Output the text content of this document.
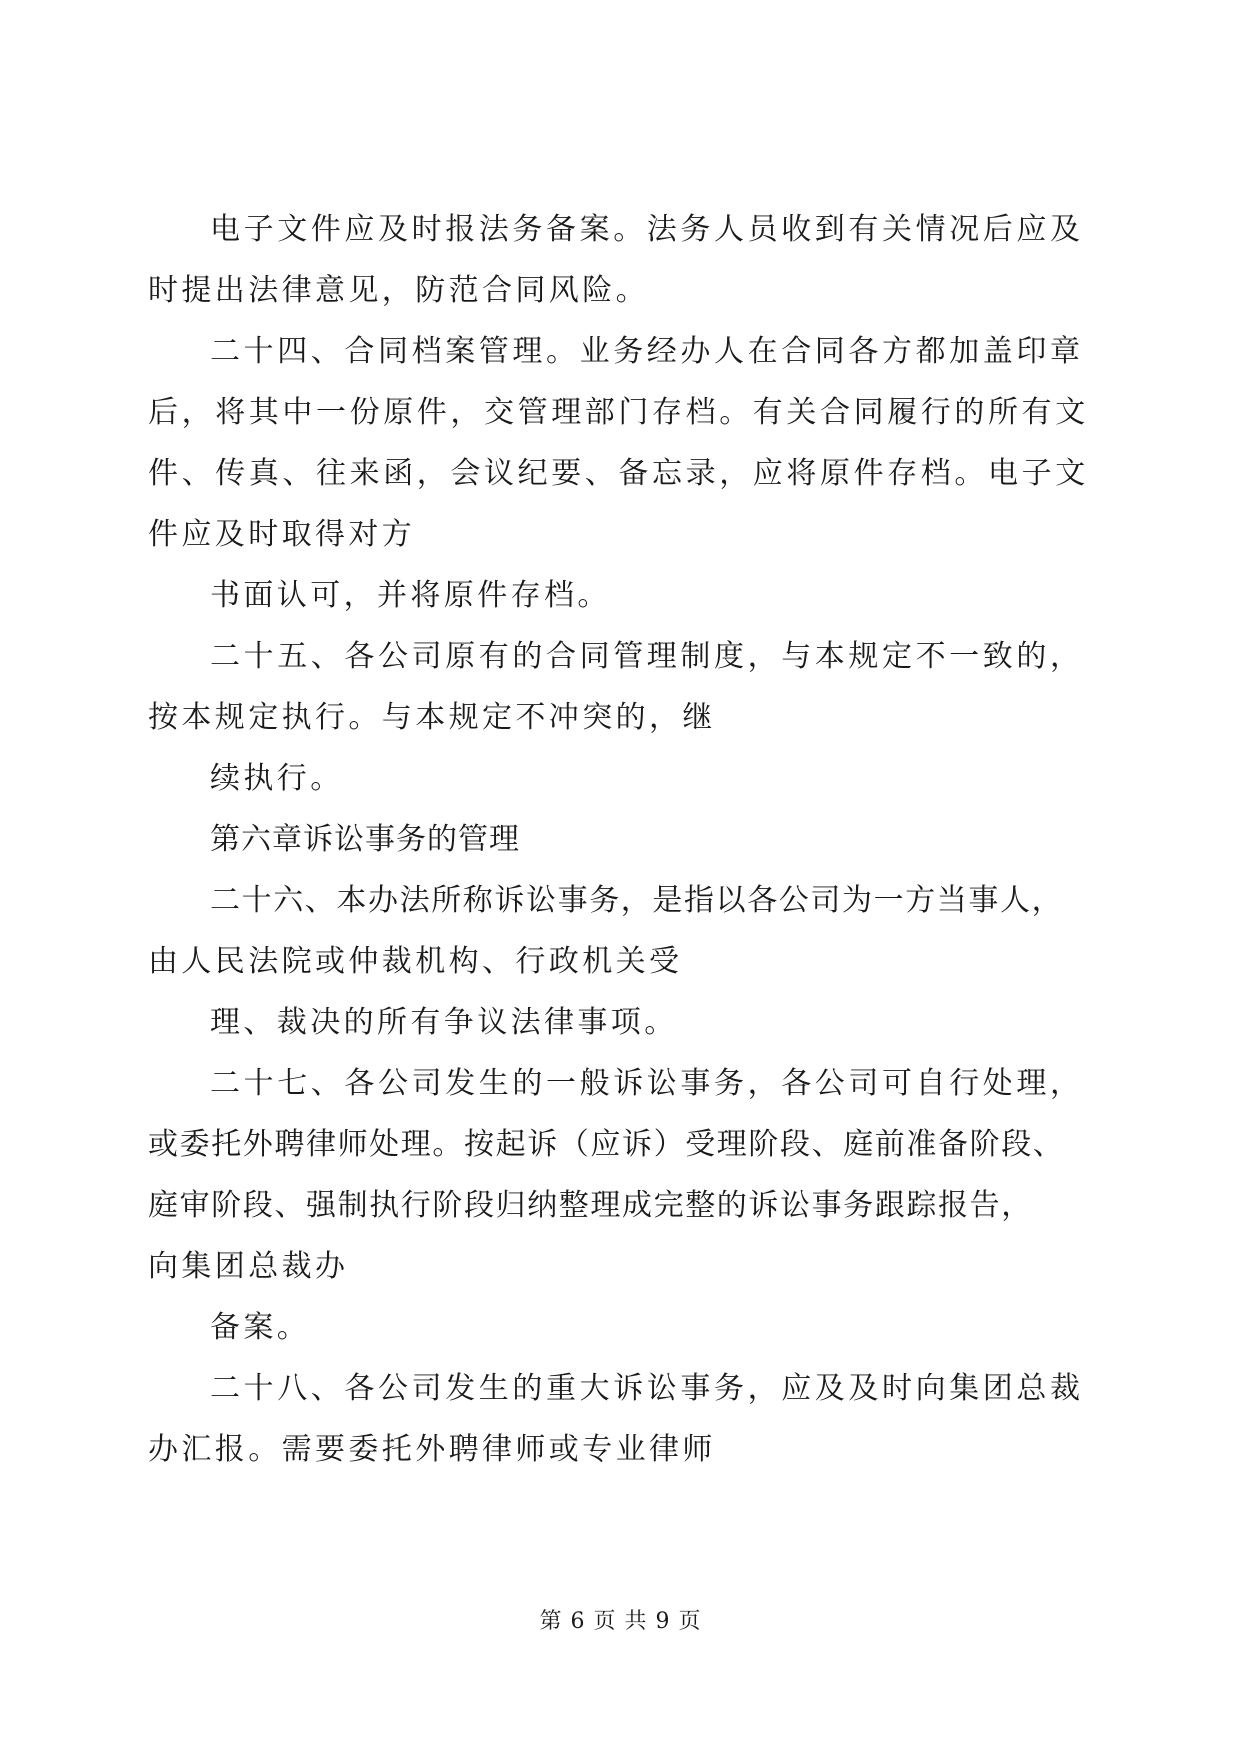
电子文件应及时报法务备案。法务人员收到有关情况后应及
时提出法律意见，防范合同风险。
二十四、合同档案管理。业务经办人在合同各方都加盖印章
后，将其中一份原件，交管理部门存档。有关合同履行的所有文
件、传真、往来函，会议纪要、备忘录，应将原件存档。电子文
件应及时取得对方
书面认可，并将原件存档。
二十五、各公司原有的合同管理制度，与本规定不一致的，
按本规定执行。与本规定不冲突的，继
续执行。
第六章诉讼事务的管理
二十六、本办法所称诉讼事务，是指以各公司为一方当事人，
由人民法院或仲裁机构、行政机关受
理、裁决的所有争议法律事项。
二十七、各公司发生的一般诉讼事务，各公司可自行处理，
或委托外聘律师处理。按起诉（应诉）受理阶段、庭前准备阶段、
庭审阶段、强制执行阶段归纳整理成完整的诉讼事务跟踪报告，
向集团总裁办
备案。
二十八、各公司发生的重大诉讼事务，应及及时向集团总裁
办汇报。需要委托外聘律师或专业律师
第 6 页 共 9 页
